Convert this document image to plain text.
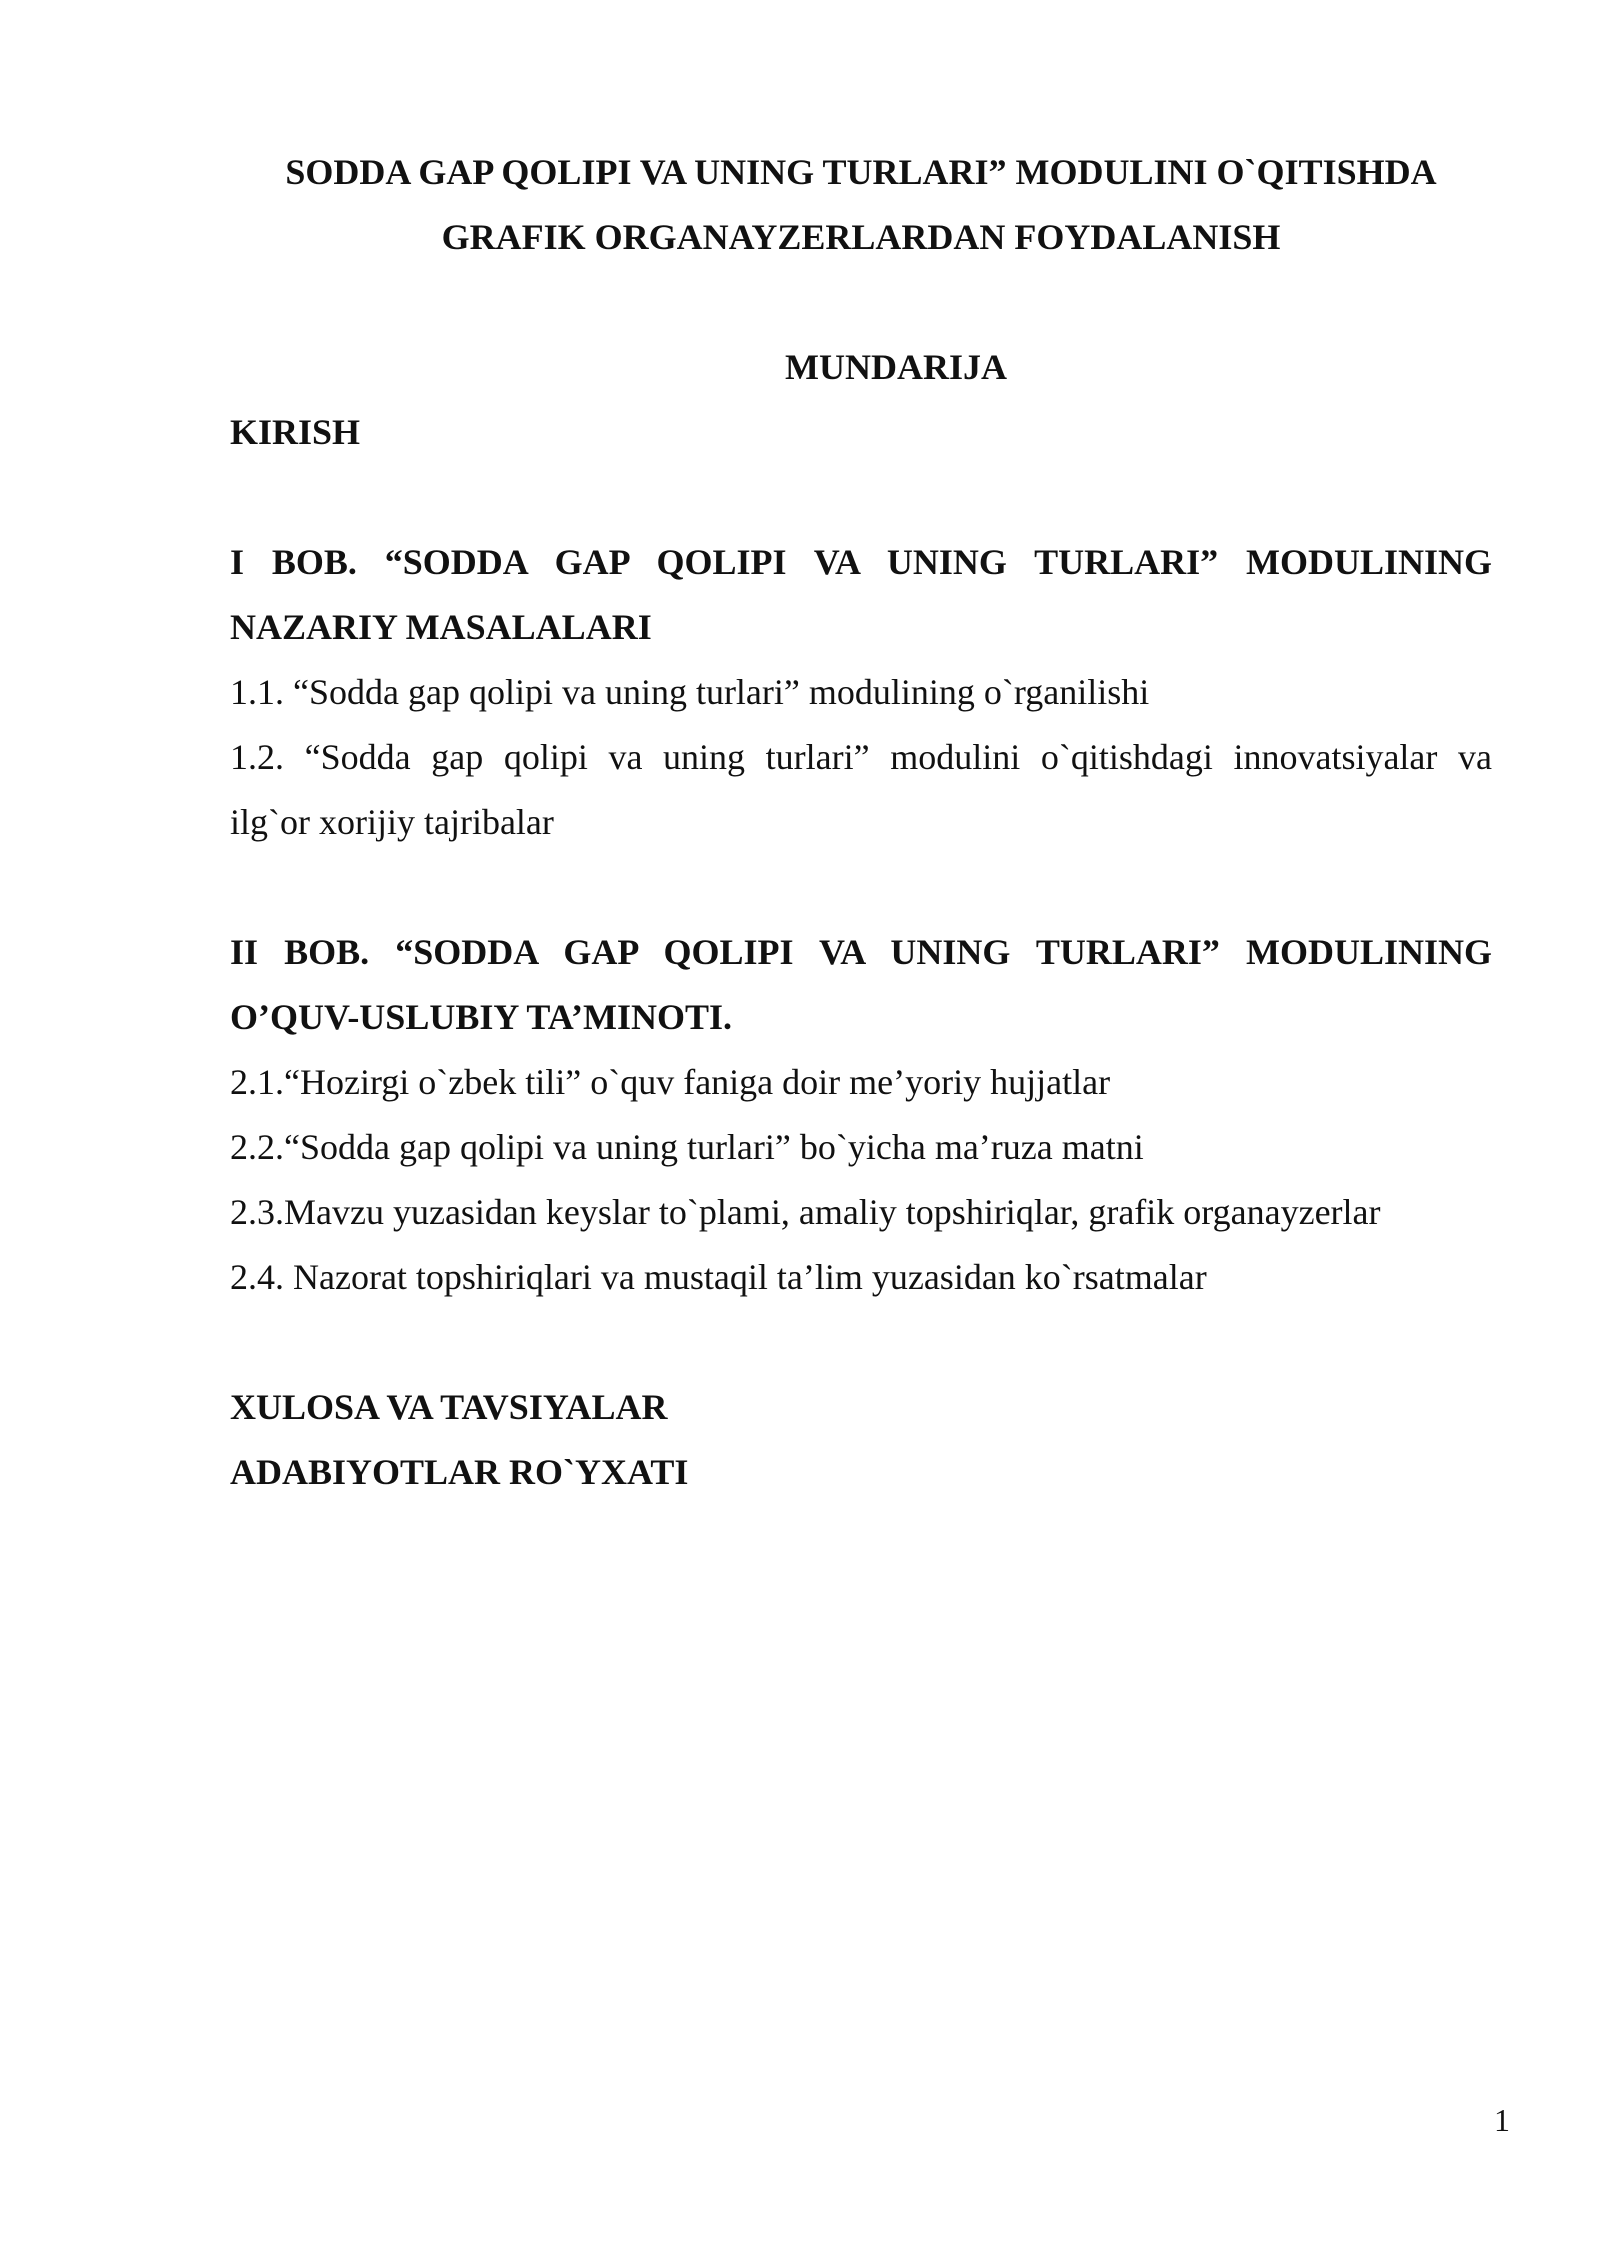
SODDA GAP QOLIPI VA UNING TURLARI” MODULINI O`QITISHDA
GRAFIK ORGANAYZERLARDAN FOYDALANISH
MUNDARIJA
KIRISH
I BOB. “SODDA GAP QOLIPI VA UNING TURLARI” MODULINING
NAZARIY MASALALARI
1.1. “Sodda gap qolipi va uning turlari” modulining o`rganilishi
1.2. “Sodda gap qolipi va uning turlari” modulini o`qitishdagi innovatsiyalar va
ilg`or xorijiy tajribalar
II BOB. “SODDA GAP QOLIPI VA UNING TURLARI” MODULINING
O’QUV-USLUBIY TA’MINOTI.
2.1.“Hozirgi o`zbek tili” o`quv faniga doir me’yoriy hujjatlar
2.2.“Sodda gap qolipi va uning turlari” bo`yicha ma’ruza matni
2.3.Mavzu yuzasidan keyslar to`plami, amaliy topshiriqlar, grafik organayzerlar
2.4. Nazorat topshiriqlari va mustaqil ta’lim yuzasidan ko`rsatmalar
XULOSA VA TAVSIYALAR
ADABIYOTLAR RO`YXATI
1
